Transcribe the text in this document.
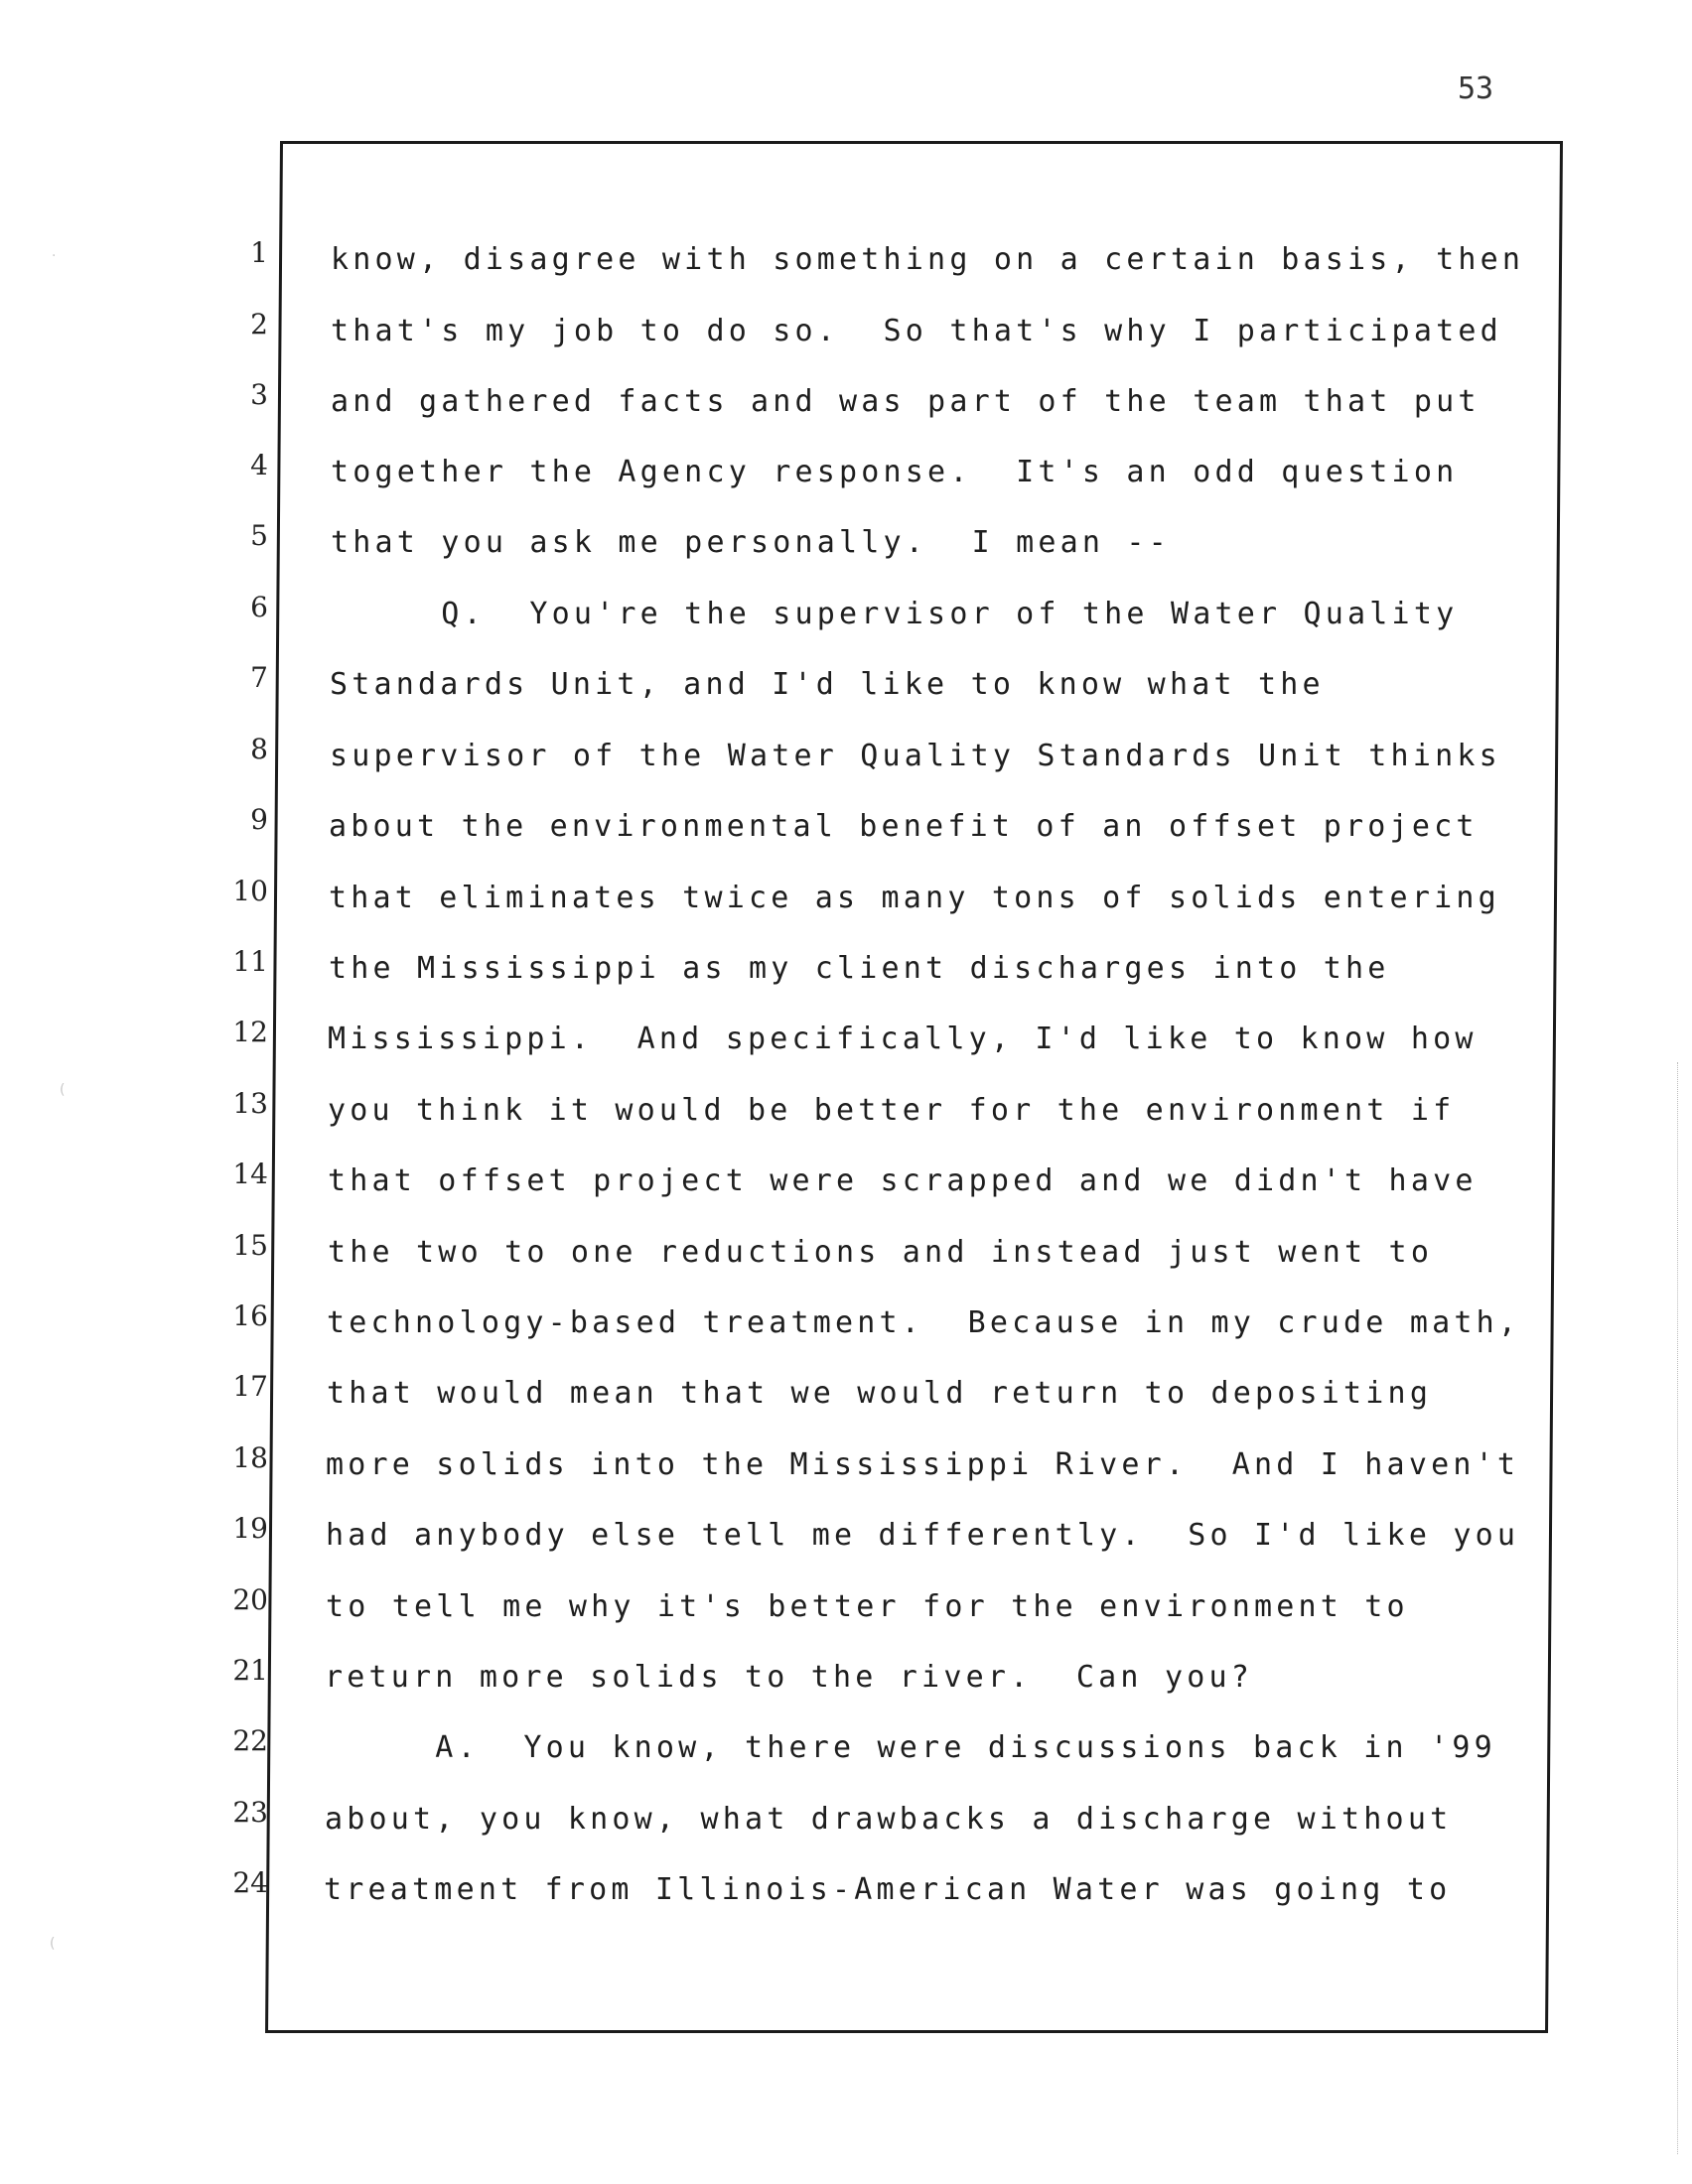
53
·
(
(
1 know, disagree with something on a certain basis, then
2 that's my job to do so.  So that's why I participated
3 and gathered facts and was part of the team that put
4 together the Agency response.  It's an odd question
5 that you ask me personally.  I mean --
6 Q.  You're the supervisor of the Water Quality
7 Standards Unit, and I'd like to know what the
8 supervisor of the Water Quality Standards Unit thinks
9 about the environmental benefit of an offset project
10 that eliminates twice as many tons of solids entering
11 the Mississippi as my client discharges into the
12 Mississippi.  And specifically, I'd like to know how
13 you think it would be better for the environment if
14 that offset project were scrapped and we didn't have
15 the two to one reductions and instead just went to
16 technology-based treatment.  Because in my crude math,
17 that would mean that we would return to depositing
18 more solids into the Mississippi River.  And I haven't
19 had anybody else tell me differently.  So I'd like you
20 to tell me why it's better for the environment to
21 return more solids to the river.  Can you?
22 A.  You know, there were discussions back in '99
23 about, you know, what drawbacks a discharge without
24 treatment from Illinois-American Water was going to
